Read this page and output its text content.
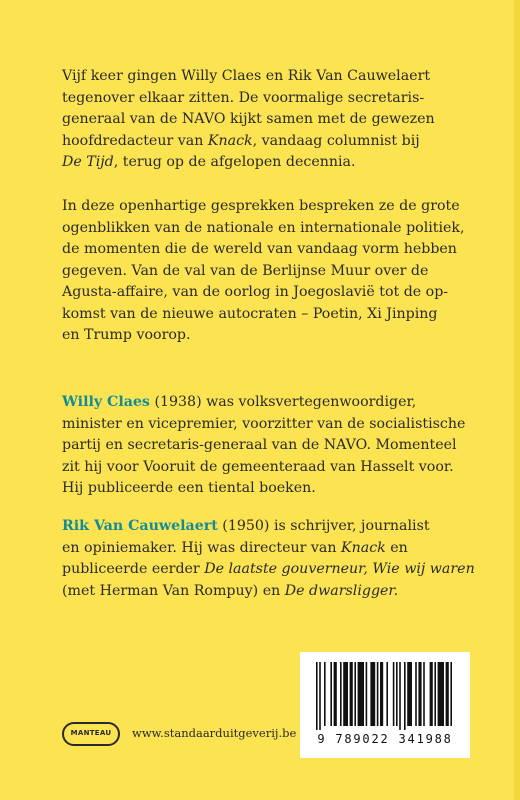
Vijf keer gingen Willy Claes en Rik Van Cauwelaert
tegenover elkaar zitten. De voormalige secretaris-
generaal van de NAVO kijkt samen met de gewezen
hoofdredacteur van Knack, vandaag columnist bij
De Tijd, terug op de afgelopen decennia.

In deze openhartige gesprekken bespreken ze de grote
ogenblikken van de nationale en internationale politiek,
de momenten die de wereld van vandaag vorm hebben
gegeven. Van de val van de Berlijnse Muur over de
Agusta-affaire, van de oorlog in Joegoslavië tot de op-
komst van de nieuwe autocraten – Poetin, Xi Jinping
en Trump voorop.

Willy Claes (1938) was volksvertegenwoordiger,
minister en vicepremier, voorzitter van de socialistische
partij en secretaris-generaal van de NAVO. Momenteel
zit hij voor Vooruit de gemeenteraad van Hasselt voor.
Hij publiceerde een tiental boeken.

Rik Van Cauwelaert (1950) is schrijver, journalist
en opiniemaker. Hij was directeur van Knack en
publiceerde eerder De laatste gouverneur, Wie wij waren
(met Herman Van Rompuy) en De dwarsligger.

MANTEAU	www.standaarduitgeverij.be	9 789022 341988
